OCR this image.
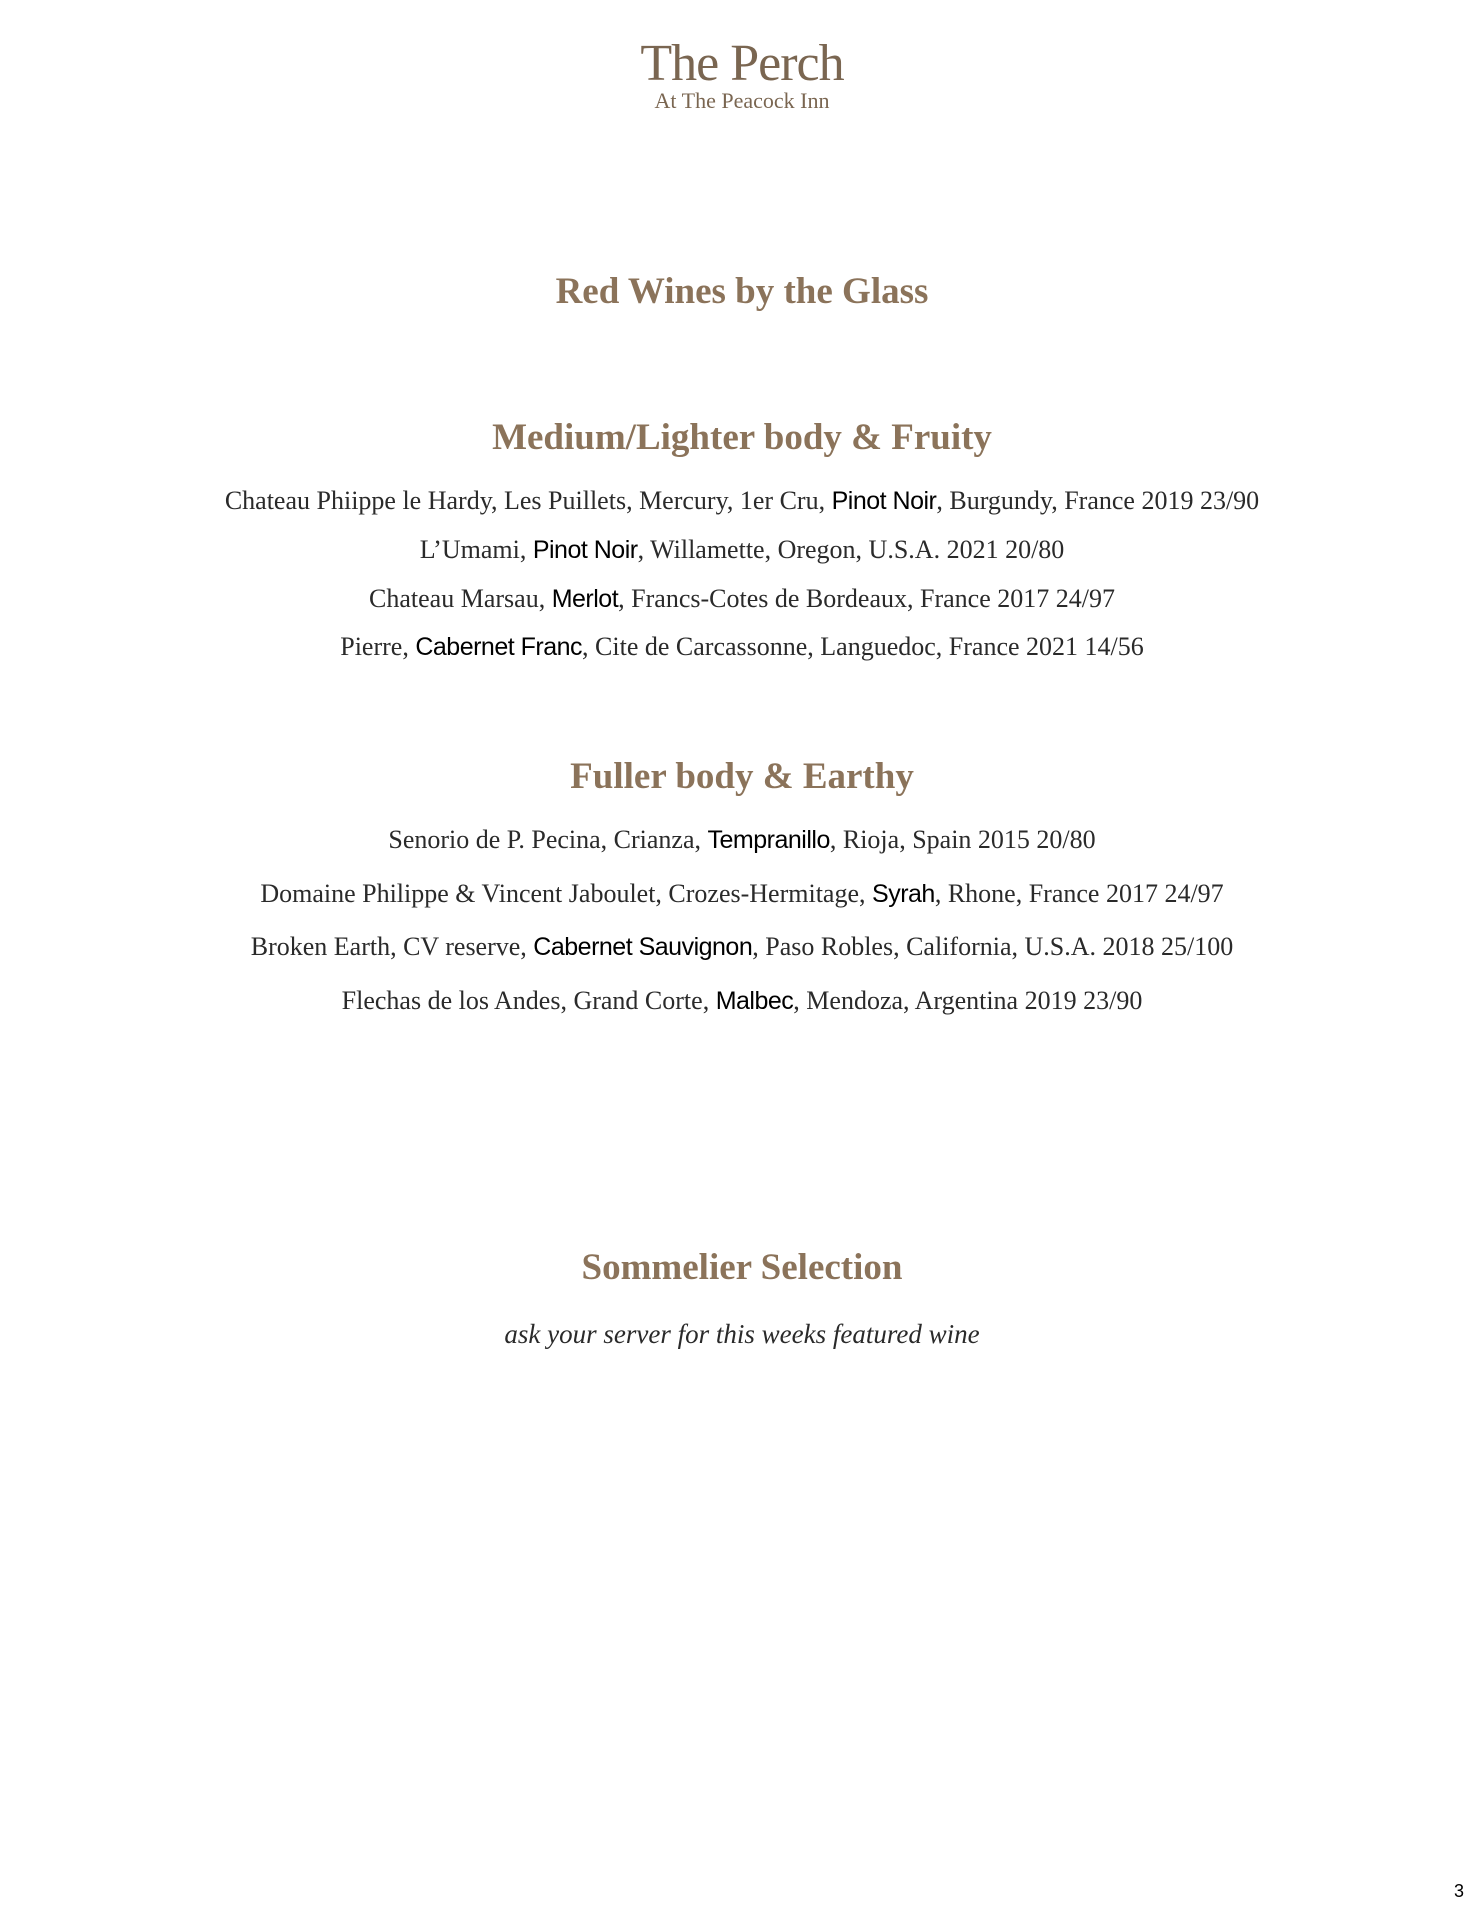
The Perch
At The Peacock Inn
Red Wines by the Glass
Medium/Lighter body & Fruity
Chateau Phiippe le Hardy, Les Puillets, Mercury, 1er Cru, Pinot Noir, Burgundy, France 2019 23/90
L’Umami, Pinot Noir, Willamette, Oregon, U.S.A. 2021 20/80
Chateau Marsau, Merlot, Francs-Cotes de Bordeaux, France 2017 24/97
Pierre, Cabernet Franc, Cite de Carcassonne, Languedoc, France 2021 14/56
Fuller body & Earthy
Senorio de P. Pecina, Crianza, Tempranillo, Rioja, Spain 2015 20/80
Domaine Philippe & Vincent Jaboulet, Crozes-Hermitage, Syrah, Rhone, France 2017 24/97
Broken Earth, CV reserve, Cabernet Sauvignon, Paso Robles, California, U.S.A. 2018 25/100
Flechas de los Andes, Grand Corte, Malbec, Mendoza, Argentina 2019 23/90
Sommelier Selection
ask your server for this weeks featured wine
3
